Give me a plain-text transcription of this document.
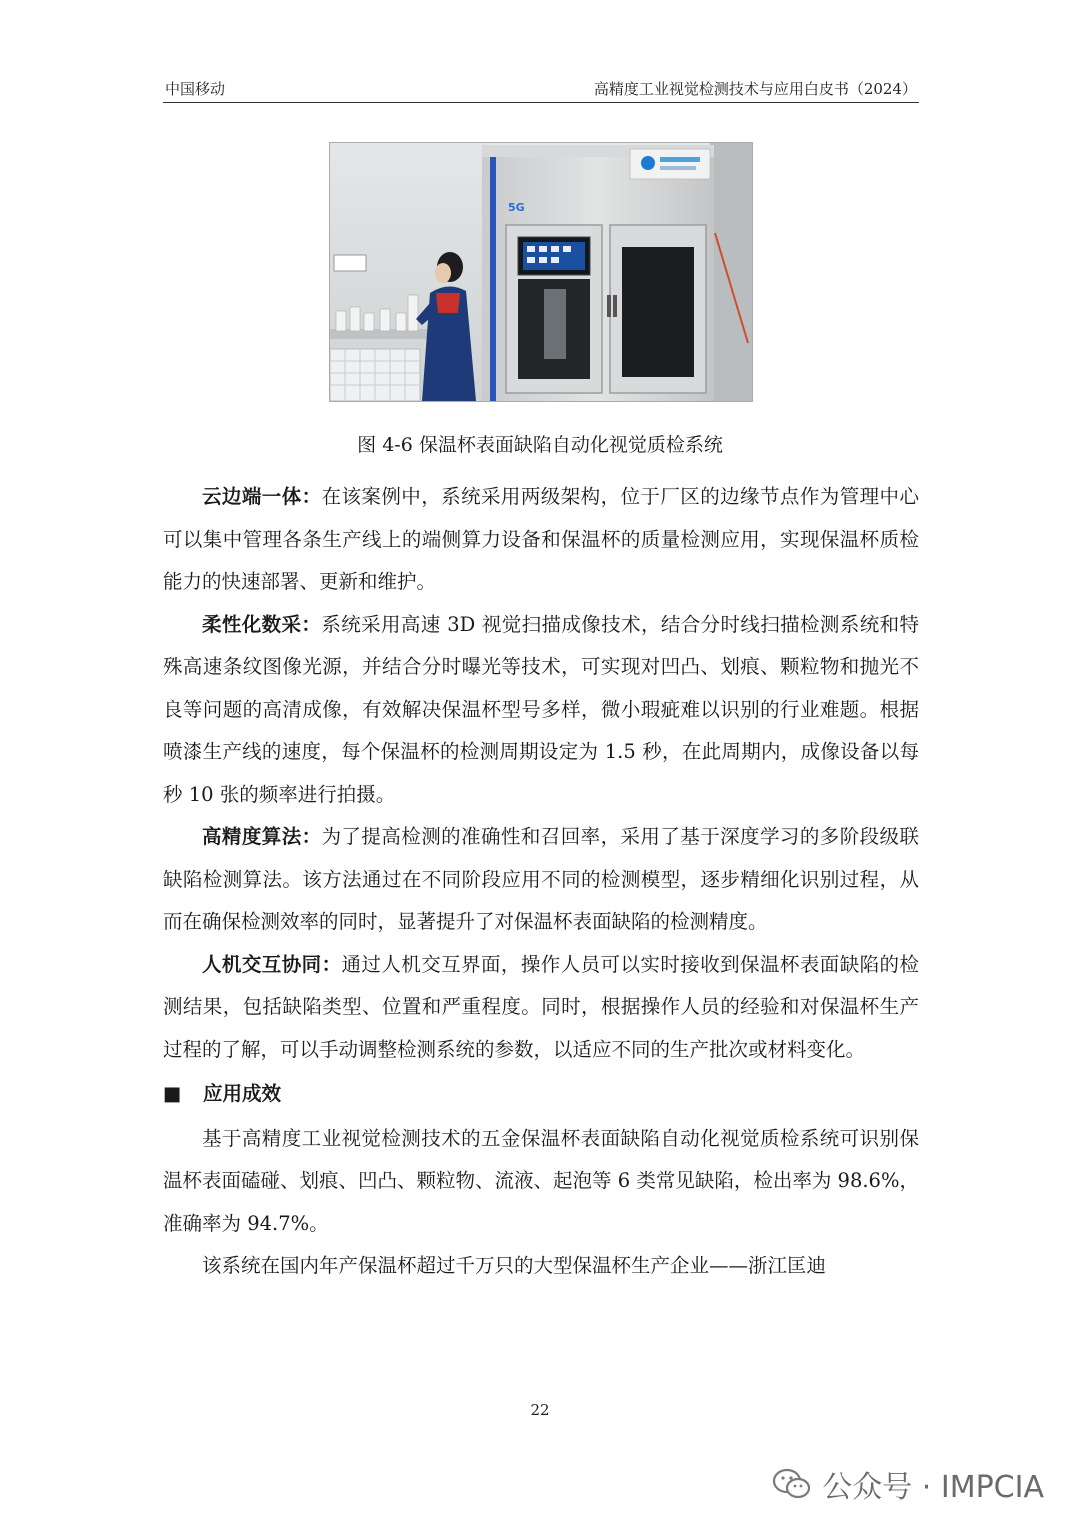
中国移动	高精度工业视觉检测技术与应用白皮书（2024）
5G
图 4-6 保温杯表面缺陷自动化视觉质检系统

云边端一体：在该案例中，系统采用两级架构，位于厂区的边缘节点作为管理中心可以集中管理各条生产线上的端侧算力设备和保温杯的质量检测应用，实现保温杯质检能力的快速部署、更新和维护。

柔性化数采：系统采用高速 3D 视觉扫描成像技术，结合分时线扫描检测系统和特殊高速条纹图像光源，并结合分时曝光等技术，可实现对凹凸、划痕、颗粒物和抛光不良等问题的高清成像，有效解决保温杯型号多样，微小瑕疵难以识别的行业难题。根据喷漆生产线的速度，每个保温杯的检测周期设定为 1.5 秒，在此周期内，成像设备以每秒 10 张的频率进行拍摄。

高精度算法：为了提高检测的准确性和召回率，采用了基于深度学习的多阶段级联缺陷检测算法。该方法通过在不同阶段应用不同的检测模型，逐步精细化识别过程，从而在确保检测效率的同时，显著提升了对保温杯表面缺陷的检测精度。

人机交互协同：通过人机交互界面，操作人员可以实时接收到保温杯表面缺陷的检测结果，包括缺陷类型、位置和严重程度。同时，根据操作人员的经验和对保温杯生产过程的了解，可以手动调整检测系统的参数，以适应不同的生产批次或材料变化。

■ 应用成效

基于高精度工业视觉检测技术的五金保温杯表面缺陷自动化视觉质检系统可识别保温杯表面磕碰、划痕、凹凸、颗粒物、流液、起泡等 6 类常见缺陷，检出率为 98.6%，准确率为 94.7%。

该系统在国内年产保温杯超过千万只的大型保温杯生产企业——浙江匡迪

22
公众号 · IMPCIA
